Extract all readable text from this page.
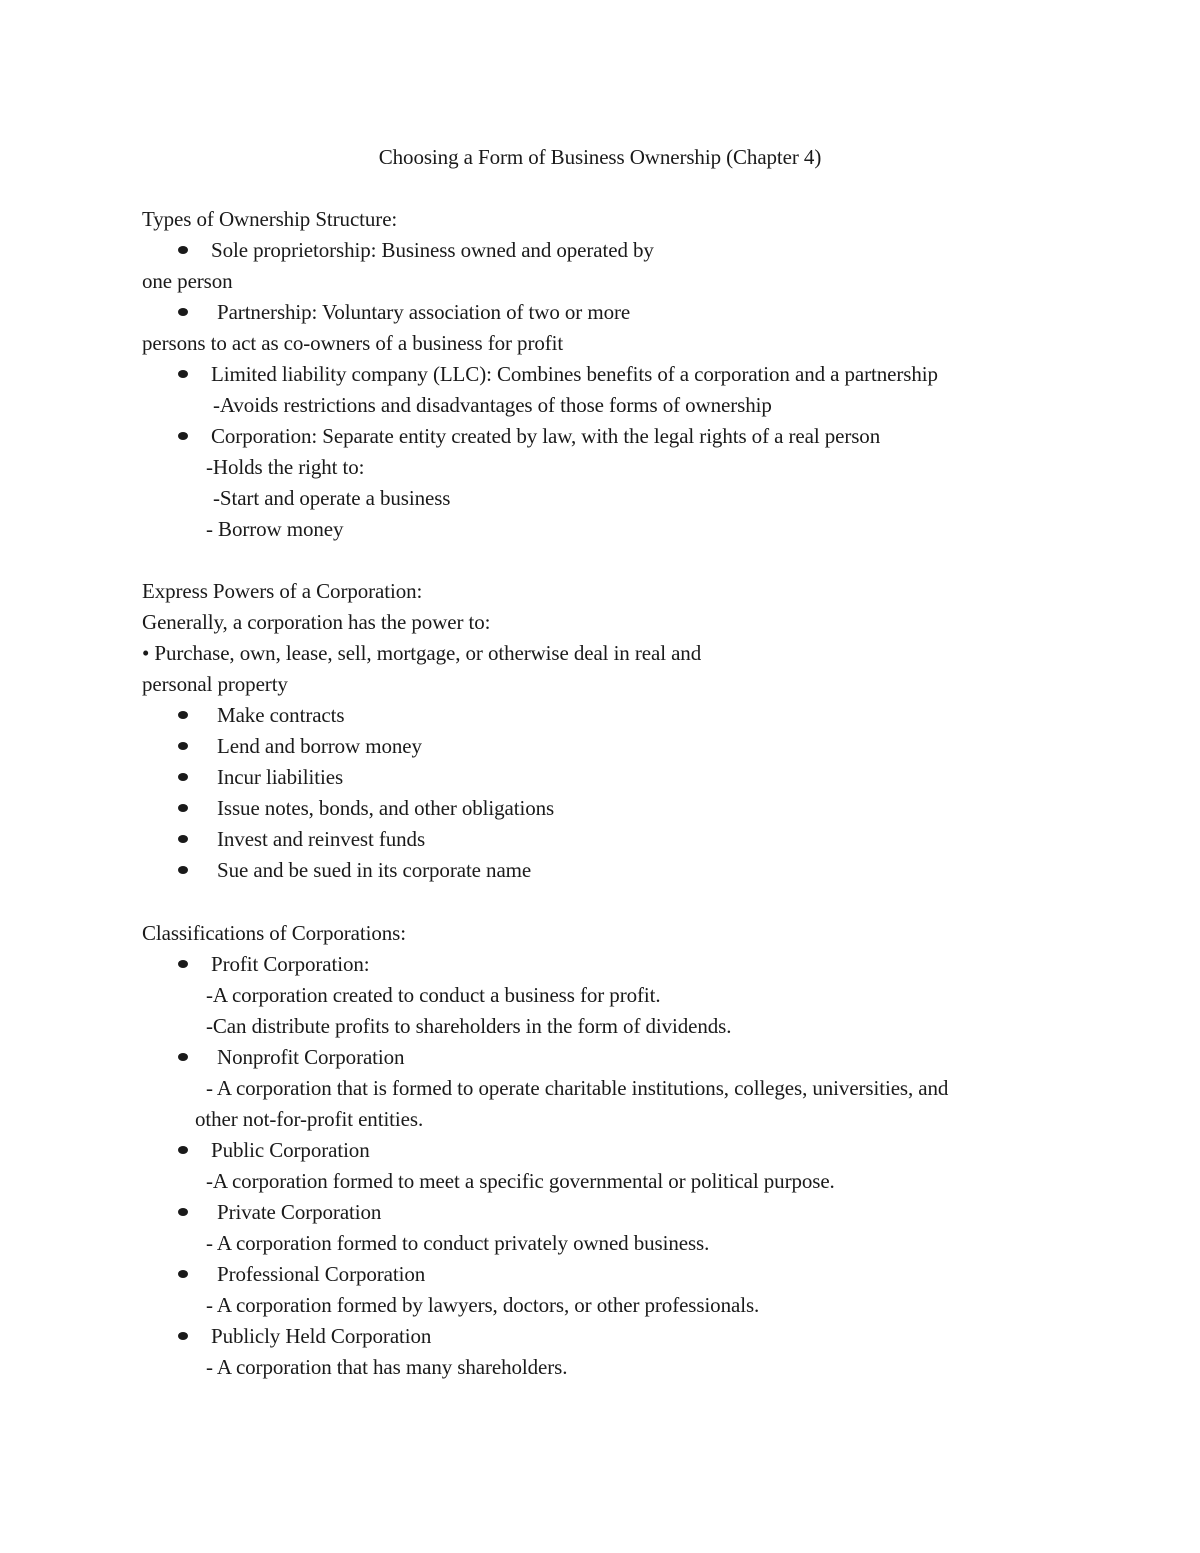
Choosing a Form of Business Ownership (Chapter 4)
Types of Ownership Structure:
Sole proprietorship: Business owned and operated by
one person
Partnership: Voluntary association of two or more
persons to act as co-owners of a business for profit
Limited liability company (LLC): Combines benefits of a corporation and a partnership
-Avoids restrictions and disadvantages of those forms of ownership
Corporation: Separate entity created by law, with the legal rights of a real person
-Holds the right to:
-Start and operate a business
- Borrow money
Express Powers of a Corporation:
Generally, a corporation has the power to:
• Purchase, own, lease, sell, mortgage, or otherwise deal in real and
personal property
Make contracts
Lend and borrow money
Incur liabilities
Issue notes, bonds, and other obligations
Invest and reinvest funds
Sue and be sued in its corporate name
Classifications of Corporations:
Profit Corporation:
-A corporation created to conduct a business for profit.
-Can distribute profits to shareholders in the form of dividends.
Nonprofit Corporation
- A corporation that is formed to operate charitable institutions, colleges, universities, and
other not-for-profit entities.
Public Corporation
-A corporation formed to meet a specific governmental or political purpose.
Private Corporation
- A corporation formed to conduct privately owned business.
Professional Corporation
- A corporation formed by lawyers, doctors, or other professionals.
Publicly Held Corporation
- A corporation that has many shareholders.
